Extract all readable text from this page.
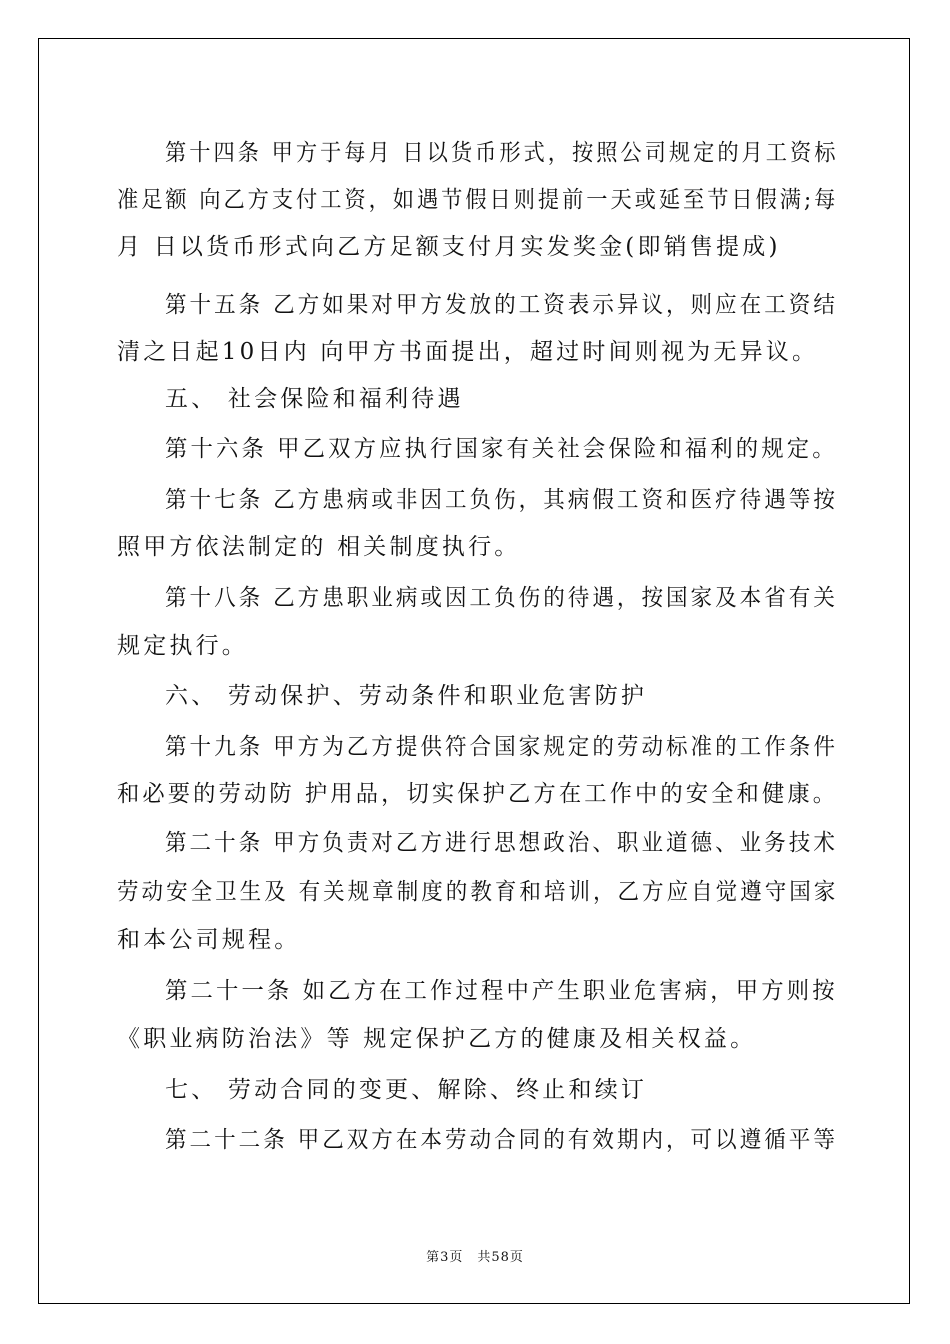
第十四条 甲方于每月 日以货币形式，按照公司规定的月工资标
准足额 向乙方支付工资，如遇节假日则提前一天或延至节日假满;每
月 日以货币形式向乙方足额支付月实发奖金(即销售提成)
第十五条 乙方如果对甲方发放的工资表示异议，则应在工资结
清之日起10日内 向甲方书面提出，超过时间则视为无异议。
五、 社会保险和福利待遇
第十六条 甲乙双方应执行国家有关社会保险和福利的规定。
第十七条 乙方患病或非因工负伤，其病假工资和医疗待遇等按
照甲方依法制定的 相关制度执行。
第十八条 乙方患职业病或因工负伤的待遇，按国家及本省有关
规定执行。
六、 劳动保护、劳动条件和职业危害防护
第十九条 甲方为乙方提供符合国家规定的劳动标准的工作条件
和必要的劳动防 护用品，切实保护乙方在工作中的安全和健康。
第二十条 甲方负责对乙方进行思想政治、职业道德、业务技术
劳动安全卫生及 有关规章制度的教育和培训，乙方应自觉遵守国家
和本公司规程。
第二十一条 如乙方在工作过程中产生职业危害病，甲方则按
《职业病防治法》等 规定保护乙方的健康及相关权益。
七、 劳动合同的变更、解除、终止和续订
第二十二条 甲乙双方在本劳动合同的有效期内，可以遵循平等
第3页　共58页
